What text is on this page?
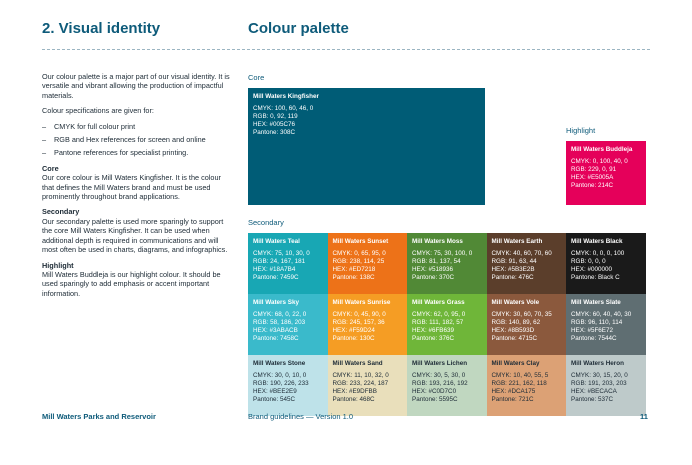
2. Visual identity	Colour palette

Our colour palette is a major part of our visual identity. It is versatile and vibrant allowing the production of impactful materials.

Colour specifications are given for:

– CMYK for full colour print
– RGB and Hex references for screen and online
– Pantone references for specialist printing.
Core

Our core colour is Mill Waters Kingfisher. It is the colour that defines the Mill Waters brand and must be used prominently throughout brand applications.

Secondary

Our secondary palette is used more sparingly to support the core Mill Waters Kingfisher. It can be used when additional depth is required in communications and will most often be used in charts, diagrams, and infographics.

Highlight

Mill Waters Buddleja is our highlight colour. It should be used sparingly to add emphasis or accent important information.

Core
Highlight
Secondary
Mill Waters Kingfisher
CMYK: 100, 60, 46, 0
RGB: 0, 92, 119
HEX: #005C76
Pantone: 308C
Mill Waters Buddleja
CMYK: 0, 100, 40, 0
RGB: 229, 0, 91
HEX: #E5005A
Pantone: 214C
Mill Waters Teal
CMYK: 75, 10, 30, 0
RGB: 24, 167, 181
HEX: #18A7B4
Pantone: 7459C
Mill Waters Sunset
CMYK: 0, 65, 95, 0
RGB: 238, 114, 25
HEX: #ED7218
Pantone: 138C
Mill Waters Moss
CMYK: 75, 30, 100, 0
RGB: 81, 137, 54
HEX: #518936
Pantone: 370C
Mill Waters Earth
CMYK: 40, 60, 70, 60
RGB: 91, 63, 44
HEX: #5B3E2B
Pantone: 476C
Mill Waters Black
CMYK: 0, 0, 0, 100
RGB: 0, 0, 0
HEX: #000000
Pantone: Black C
Mill Waters Sky
CMYK: 68, 0, 22, 0
RGB: 58, 186, 203
HEX: #3ABACB
Pantone: 7458C
Mill Waters Sunrise
CMYK: 0, 45, 90, 0
RGB: 245, 157, 36
HEX: #F59D24
Pantone: 130C
Mill Waters Grass
CMYK: 62, 0, 95, 0
RGB: 111, 182, 57
HEX: #6FB639
Pantone: 376C
Mill Waters Vole
CMYK: 30, 60, 70, 35
RGB: 140, 89, 62
HEX: #8B593D
Pantone: 4715C
Mill Waters Slate
CMYK: 60, 40, 40, 30
RGB: 96, 110, 114
HEX: #5F6E72
Pantone: 7544C
Mill Waters Stone
CMYK: 30, 0, 10, 0
RGB: 190, 226, 233
HEX: #BEE2E9
Pantone: 545C
Mill Waters Sand
CMYK: 11, 10, 32, 0
RGB: 233, 224, 187
HEX: #E9DFBB
Pantone: 468C
Mill Waters Lichen
CMYK: 30, 5, 30, 0
RGB: 193, 216, 192
HEX: #C0D7C0
Pantone: 5595C
Mill Waters Clay
CMYK: 10, 40, 55, 5
RGB: 221, 162, 118
HEX: #DCA175
Pantone: 721C
Mill Waters Heron
CMYK: 30, 15, 20, 0
RGB: 191, 203, 203
HEX: #BECACA
Pantone: 537C
Mill Waters Parks and Reservoir	Brand guidelines — Version 1.0	11
